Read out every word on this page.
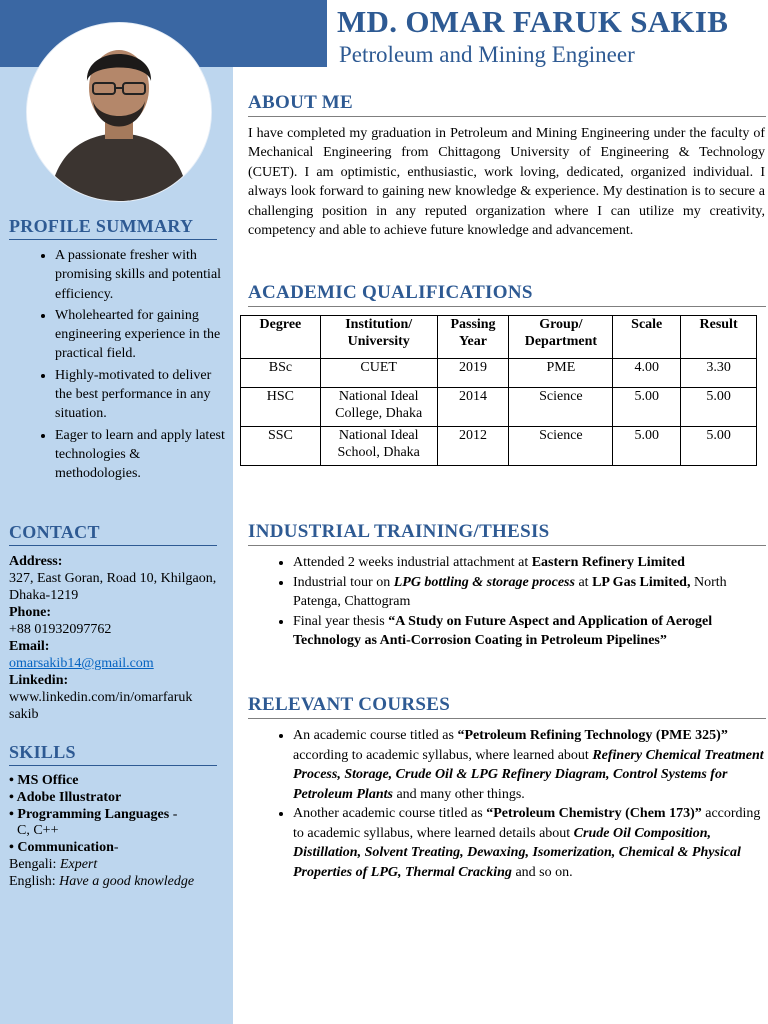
MD. OMAR FARUK SAKIB
Petroleum and Mining Engineer
PROFILE SUMMARY
• A passionate fresher with promising skills and potential efficiency.
• Wholehearted for gaining engineering experience in the practical field.
• Highly-motivated to deliver the best performance in any situation.
• Eager to learn and apply latest technologies & methodologies.
CONTACT
Address:
327, East Goran, Road 10, Khilgaon, Dhaka-1219
Phone:
+88 01932097762
Email:
omarsakib14@gmail.com
Linkedin:
www.linkedin.com/in/omarfaruk sakib
SKILLS
• MS Office
• Adobe Illustrator
• Programming Languages -
C, C++
• Communication-
Bengali: Expert
English: Have a good knowledge
ABOUT ME

I have completed my graduation in Petroleum and Mining Engineering under the faculty of Mechanical Engineering from Chittagong University of Engineering & Technology (CUET). I am optimistic, enthusiastic, work loving, dedicated, organized individual. I always look forward to gaining new knowledge & experience. My destination is to secure a challenging position in any reputed organization where I can utilize my creativity, competency and able to achieve future knowledge and advancement.

ACADEMIC QUALIFICATIONS
Degree	Institution/ University	Passing Year	Group/ Department	Scale	Result
BSc	CUET	2019	PME	4.00	3.30
HSC	National Ideal College, Dhaka	2014	Science	5.00	5.00
SSC	National Ideal School, Dhaka	2012	Science	5.00	5.00
INDUSTRIAL TRAINING/THESIS
• Attended 2 weeks industrial attachment at Eastern Refinery Limited
• Industrial tour on LPG bottling & storage process at LP Gas Limited, North Patenga, Chattogram
• Final year thesis “A Study on Future Aspect and Application of Aerogel Technology as Anti-Corrosion Coating in Petroleum Pipelines”
RELEVANT COURSES
• An academic course titled as “Petroleum Refining Technology (PME 325)” according to academic syllabus, where learned about Refinery Chemical Treatment Process, Storage, Crude Oil & LPG Refinery Diagram, Control Systems for Petroleum Plants and many other things.
• Another academic course titled as “Petroleum Chemistry (Chem 173)” according to academic syllabus, where learned details about Crude Oil Composition, Distillation, Solvent Treating, Dewaxing, Isomerization, Chemical & Physical Properties of LPG, Thermal Cracking and so on.
